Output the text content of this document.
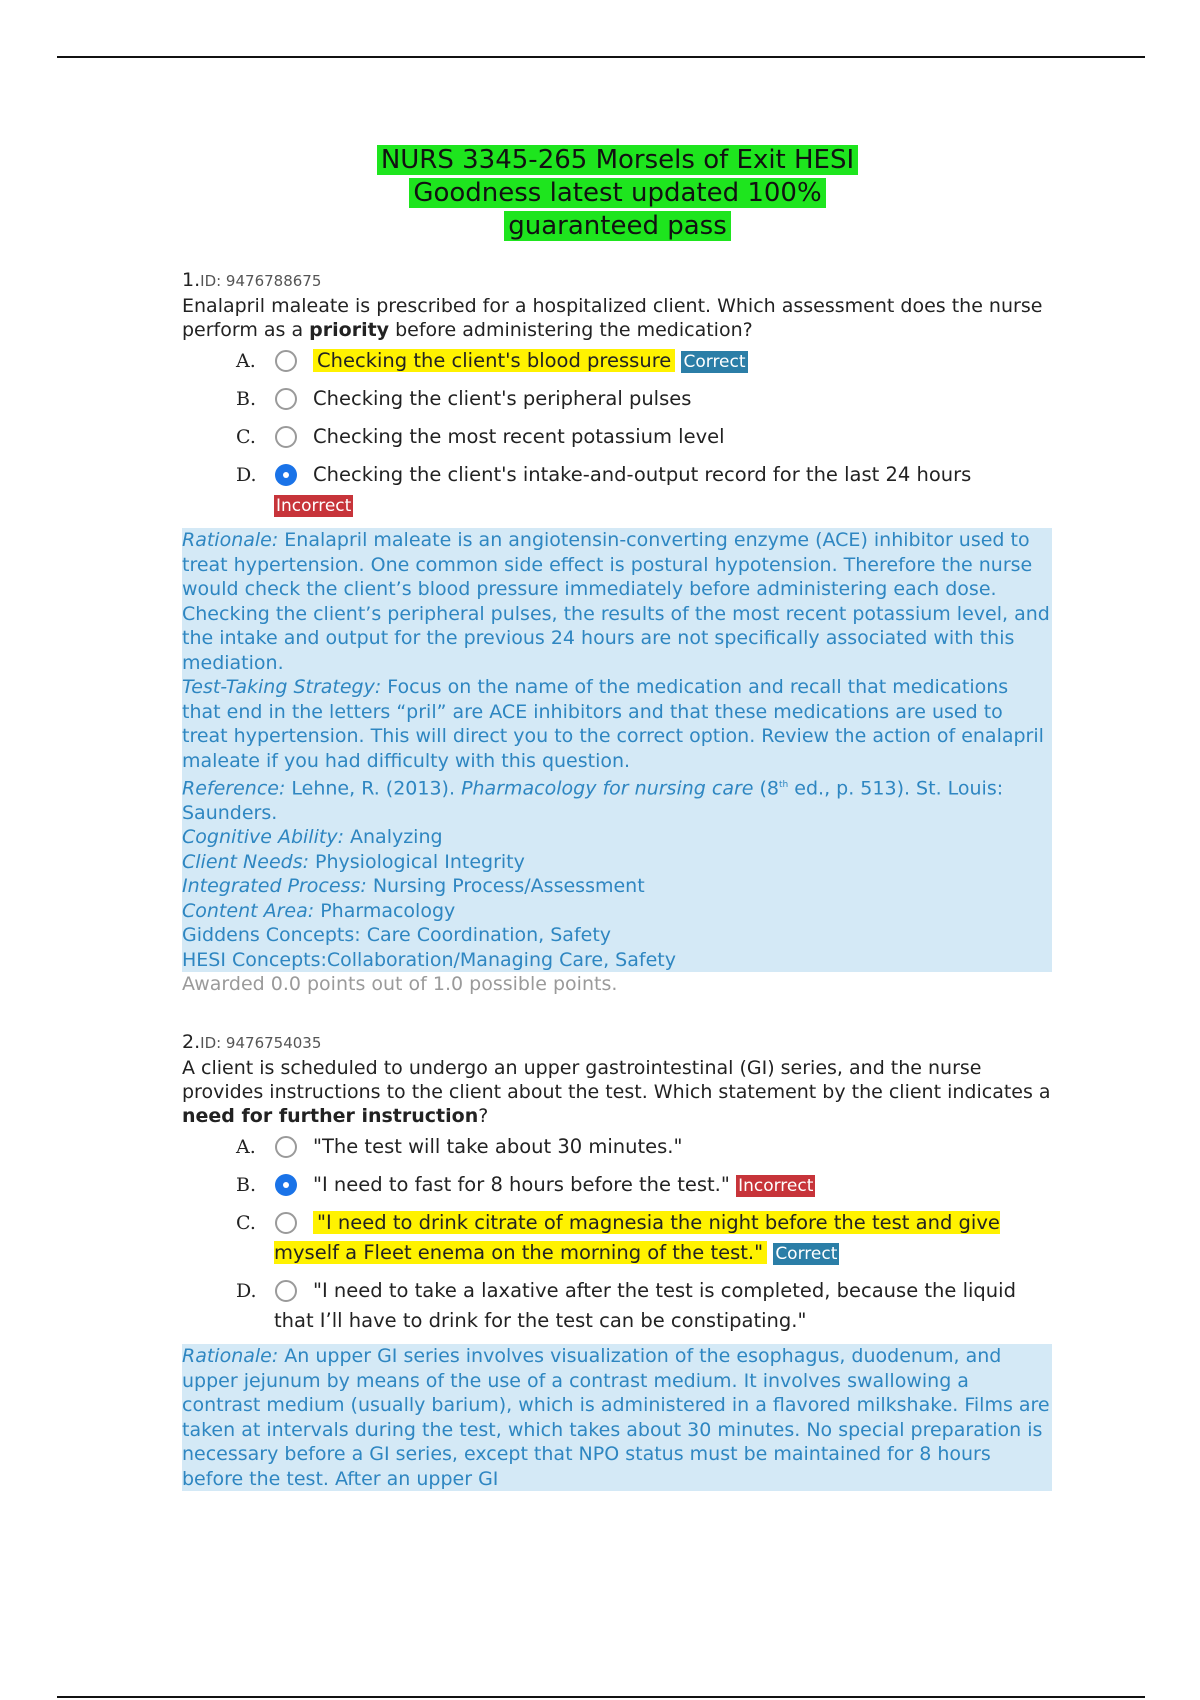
NURS 3345-265 Morsels of Exit HESI
Goodness latest updated 100%
guaranteed pass
1.ID: 9476788675
Enalapril maleate is prescribed for a hospitalized client. Which assessment does the nurse perform as a priority before administering the medication?
A.	Checking the client's blood pressure Correct
B.	Checking the client's peripheral pulses
C.	Checking the most recent potassium level
D.	Checking the client's intake-and-output record for the last 24 hours Incorrect

Rationale: Enalapril maleate is an angiotensin-converting enzyme (ACE) inhibitor used to treat hypertension. One common side effect is postural hypotension. Therefore the nurse would check the client’s blood pressure immediately before administering each dose. Checking the client’s peripheral pulses, the results of the most recent potassium level, and the intake and output for the previous 24 hours are not specifically associated with this mediation.

Test-Taking Strategy: Focus on the name of the medication and recall that medications that end in the letters “pril” are ACE inhibitors and that these medications are used to treat hypertension. This will direct you to the correct option. Review the action of enalapril maleate if you had difficulty with this question.

Reference: Lehne, R. (2013). Pharmacology for nursing care (8th ed., p. 513). St. Louis: Saunders.

Cognitive Ability: Analyzing

Client Needs: Physiological Integrity

Integrated Process: Nursing Process/Assessment

Content Area: Pharmacology

Giddens Concepts: Care Coordination, Safety

HESI Concepts:Collaboration/Managing Care, Safety

Awarded 0.0 points out of 1.0 possible points.
2.ID: 9476754035
A client is scheduled to undergo an upper gastrointestinal (GI) series, and the nurse provides instructions to the client about the test. Which statement by the client indicates a need for further instruction?
A.	"The test will take about 30 minutes."
B.	"I need to fast for 8 hours before the test." Incorrect
C.	"I need to drink citrate of magnesia the night before the test and give myself a Fleet enema on the morning of the test." Correct
D.	"I need to take a laxative after the test is completed, because the liquid that I’ll have to drink for the test can be constipating."

Rationale: An upper GI series involves visualization of the esophagus, duodenum, and upper jejunum by means of the use of a contrast medium. It involves swallowing a contrast medium (usually barium), which is administered in a flavored milkshake. Films are taken at intervals during the test, which takes about 30 minutes. No special preparation is necessary before a GI series, except that NPO status must be maintained for 8 hours before the test. After an upper GI
